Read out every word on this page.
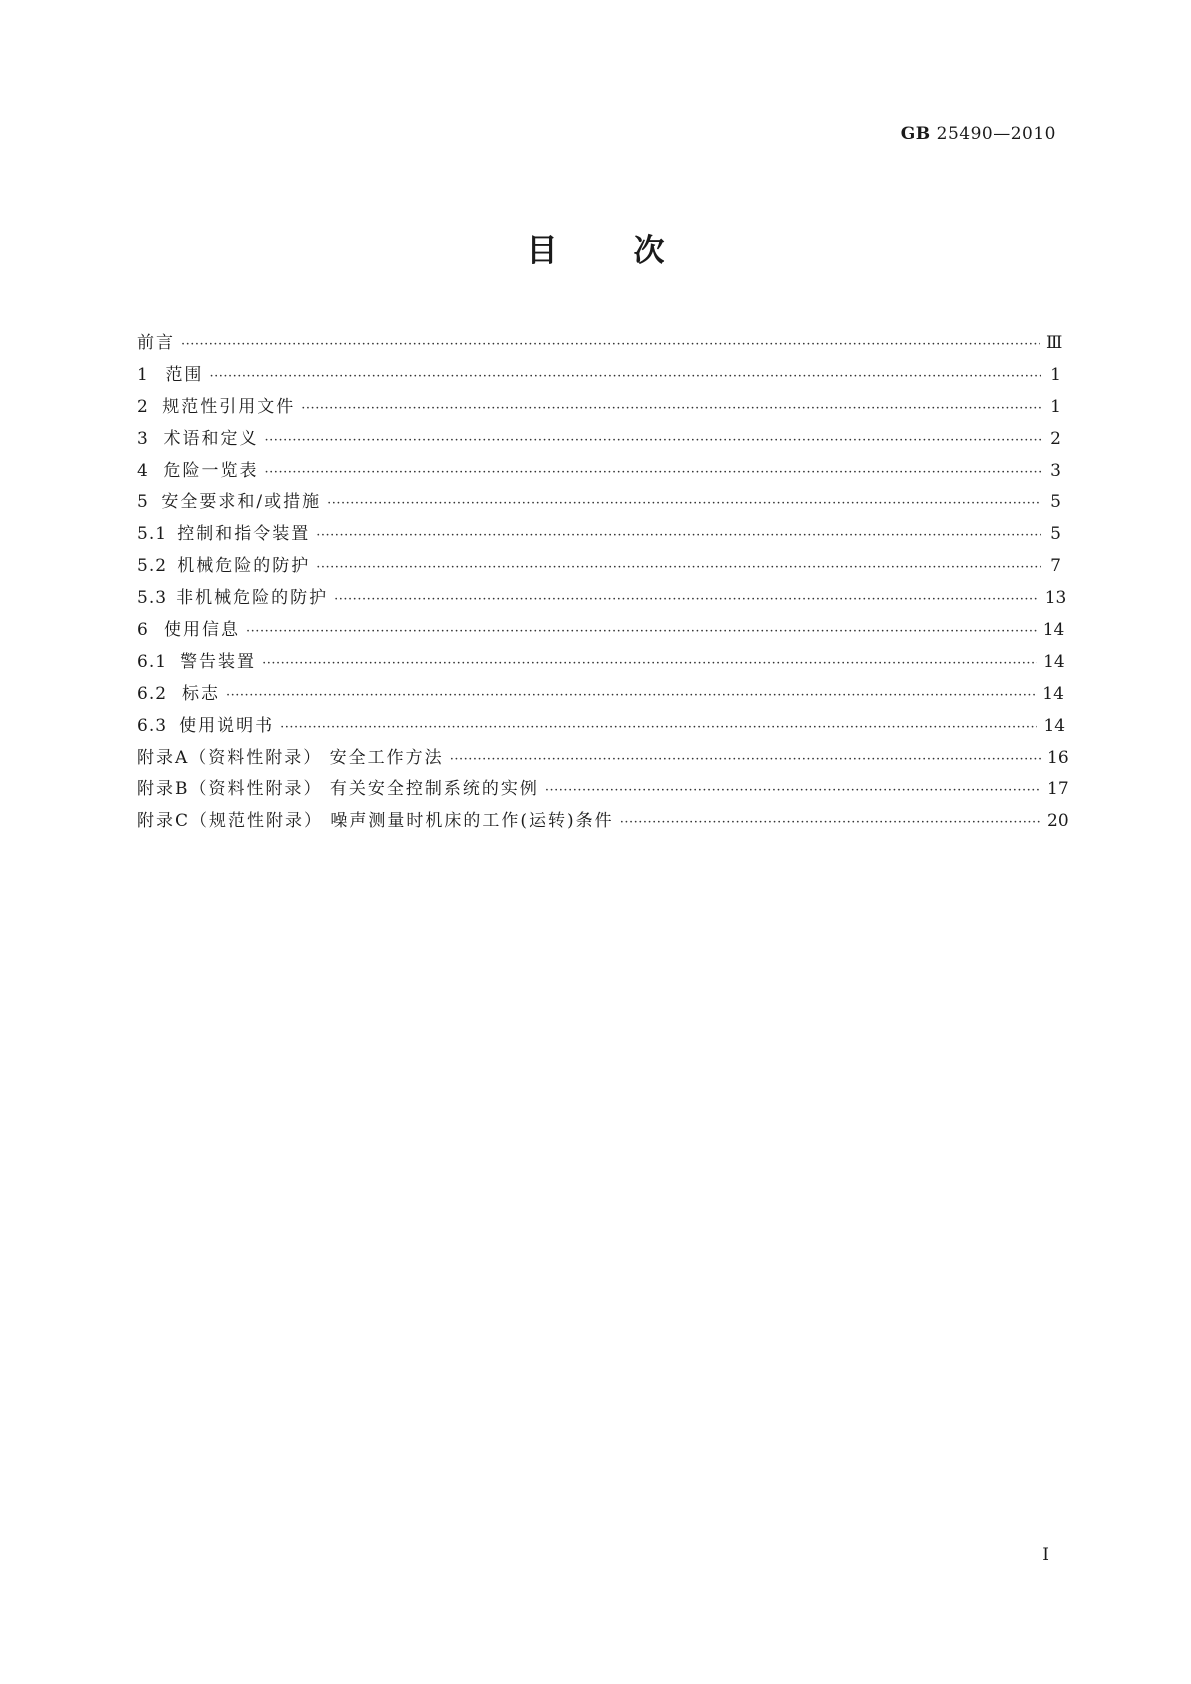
GB 25490—2010
目次
前言 ·····	Ⅲ
1 范围 ·····	1
2 规范性引用文件 ·····	1
3 术语和定义 ·····	2
4 危险一览表 ·····	3
5 安全要求和/或措施 ·····	5
5.1 控制和指令装置 ·····	5
5.2 机械危险的防护 ·····	7
5.3 非机械危险的防护 ·····	13
6 使用信息 ·····	14
6.1 警告装置 ·····	14
6.2 标志 ·····	14
6.3 使用说明书 ·····	14
附录A（资料性附录） 安全工作方法 ·····	16
附录B（资料性附录） 有关安全控制系统的实例 ·····	17
附录C（规范性附录） 噪声测量时机床的工作(运转)条件 ·····	20
Ⅰ
